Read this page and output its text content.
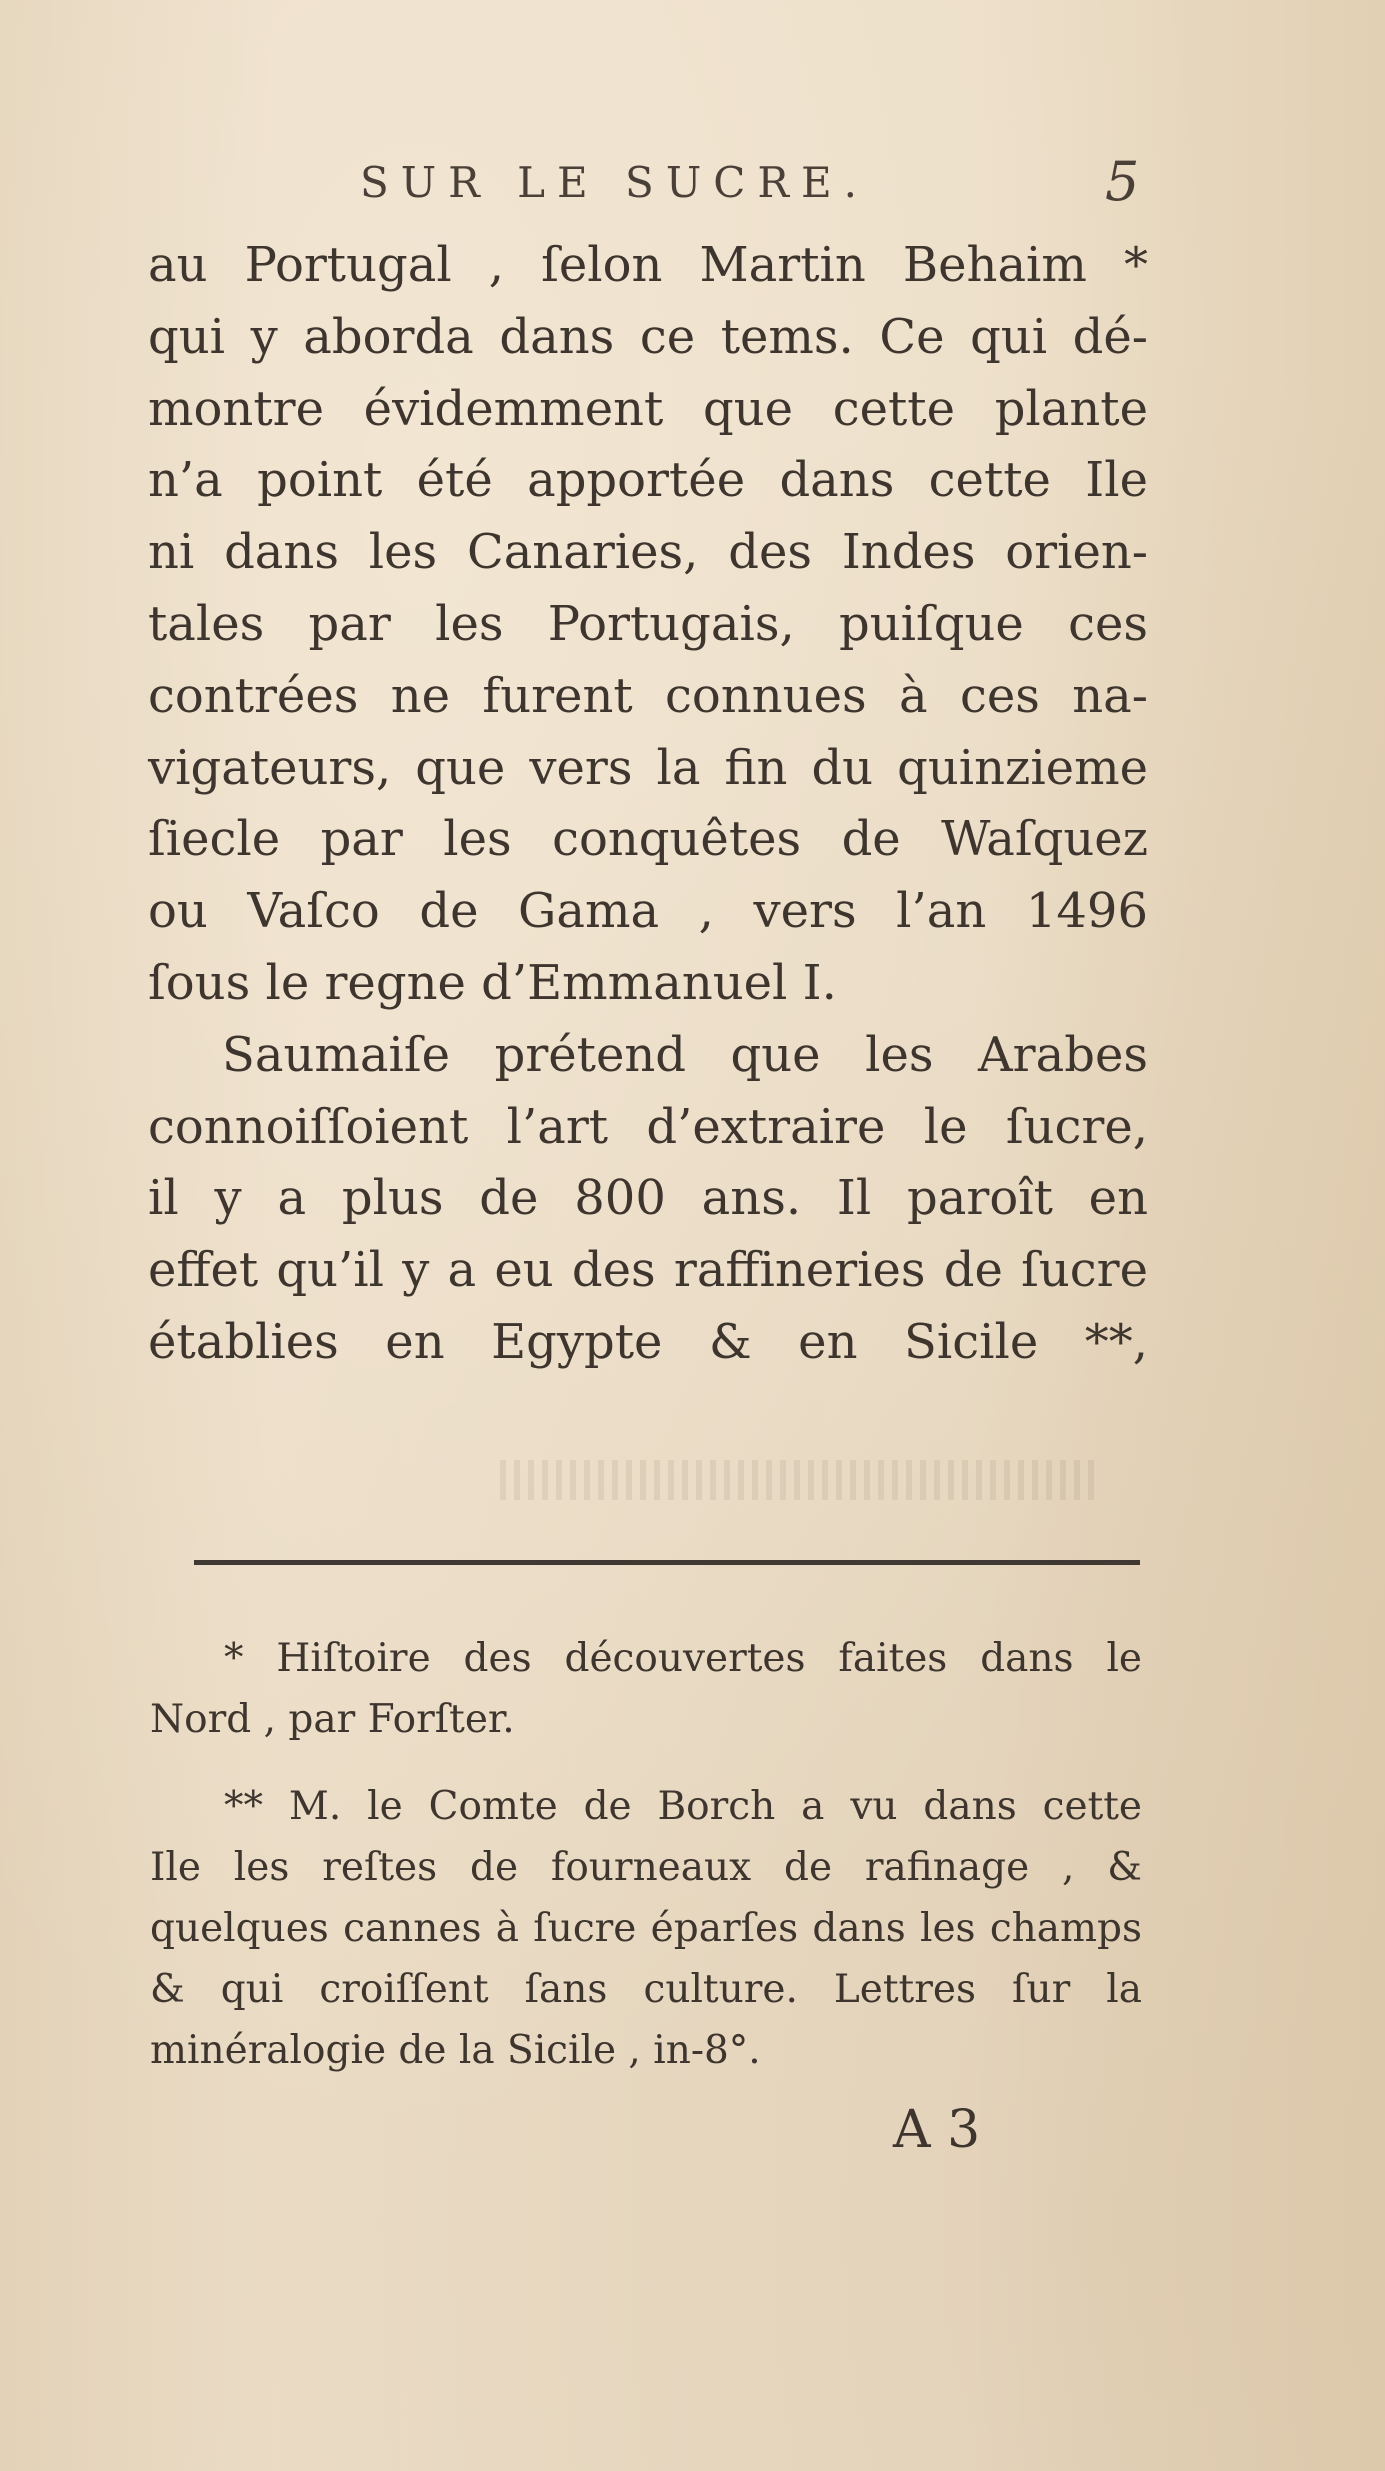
SUR LE SUCRE.	5
au Portugal , ſelon Martin Behaim *
qui y aborda dans ce tems. Ce qui dé-
montre évidemment que cette plante
n’a point été apportée dans cette Ile
ni dans les Canaries, des Indes orien-
tales par les Portugais, puiſque ces
contrées ne furent connues à ces na-
vigateurs, que vers la fin du quinzieme
ſiecle par les conquêtes de Waſquez
ou Vaſco de Gama , vers l’an 1496
ſous le regne d’Emmanuel I.
Saumaiſe prétend que les Arabes
connoiſſoient l’art d’extraire le ſucre,
il y a plus de 800 ans. Il paroît en
effet qu’il y a eu des raffineries de ſucre
établies en Egypte & en Sicile **,
* Hiſtoire des découvertes faites dans le
Nord , par Forſter.
** M. le Comte de Borch a vu dans cette
Ile les reſtes de fourneaux de rafinage , &
quelques cannes à ſucre éparſes dans les champs
& qui croiſſent ſans culture. Lettres ſur la
minéralogie de la Sicile , in-8°.
A 3
